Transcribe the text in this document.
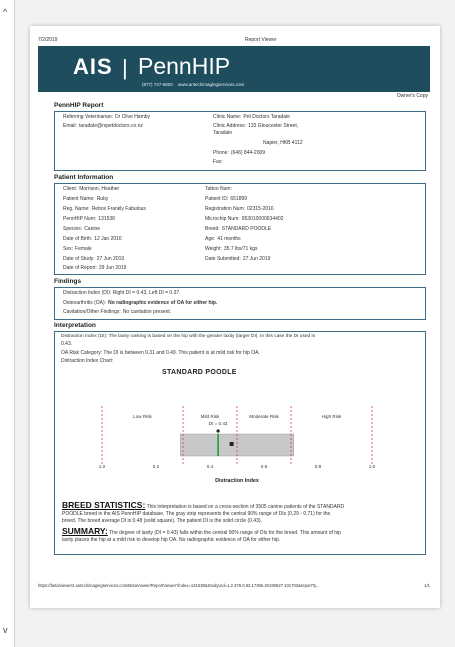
^
v
7/2/2019	Report Viewer
AIS | PennHIP
(877) 727-6800 www.antechimagingservices.com
Owner's Copy
PennHIP Report
Referring Veterinarian: Dr Clive Hamby
Email: taradale@rspetdoctors.co.nz
Clinic Name: Pet Doctors Taradale
Clinic Address: 133 Gloucester Street,
Taradale
Napier, HKB 4112
Phone: (646) 844-2009
Fax:
Patient Information
Client: Morrison, Heather
Patient Name: Ruby
Reg. Name: Rebox Frankly Fabulous
PennHIP Num: 131538
Species: Canine
Date of Birth: 12 Jan 2016
Sex: Female
Date of Study: 27 Jun 2019
Date of Report: 29 Jun 2019
Tattoo Num:
Patient ID: 651899
Registration Num: 02315-2016
Microchip Num: 953010000634402
Breed: STANDARD POODLE
Age: 41 months
Weight: 35.7 lbs/71 kgs
Date Submitted: 27 Jun 2019
Findings
Distraction Index (DI): Right DI = 0.43, Left DI = 0.37.
Osteoarthritis (OA): No radiographic evidence of OA for either hip.
Cavitation/Other Findings: No cavitation present.
Interpretation
Distraction Index (DI): The laxity ranking is based on the hip with the greater laxity (larger DI). In this case the DI used is
0.43.
OA Risk Category: The DI is between 0.31 and 0.49. This patient is at mild risk for hip OA.
Distraction Index Chart:
STANDARD POODLE
Low Risk	Mild Risk	Moderate Risk	High Risk
DI = 0.43
1.0	0.2	0.4	0.6	0.8	1.0
Distraction Index
BREED STATISTICS: This interpretation is based on a cross-section of 3505 canine patients of the STANDARD
POODLE breed in the AIS PennHIP database. The gray strip represents the central 90% range of DIs (0.29 - 0.71) for the
breed. The breed average DI is 0.48 (solid square). The patient DI is the solid circle (0.43).
SUMMARY: The degree of laxity (DI = 0.43) falls within the central 90% range of DIs for the breed. This amount of hip
laxity places the hip at a mild risk to develop hip OA. No radiographic evidence of OA for either hip.
https://beta/viewer2.antechimagingservices.com/BetaViewer/ReportViewer?index=131538&StudyUid=1.2.276.0.93.17366.20190627.101703&reportTy...	1/1
